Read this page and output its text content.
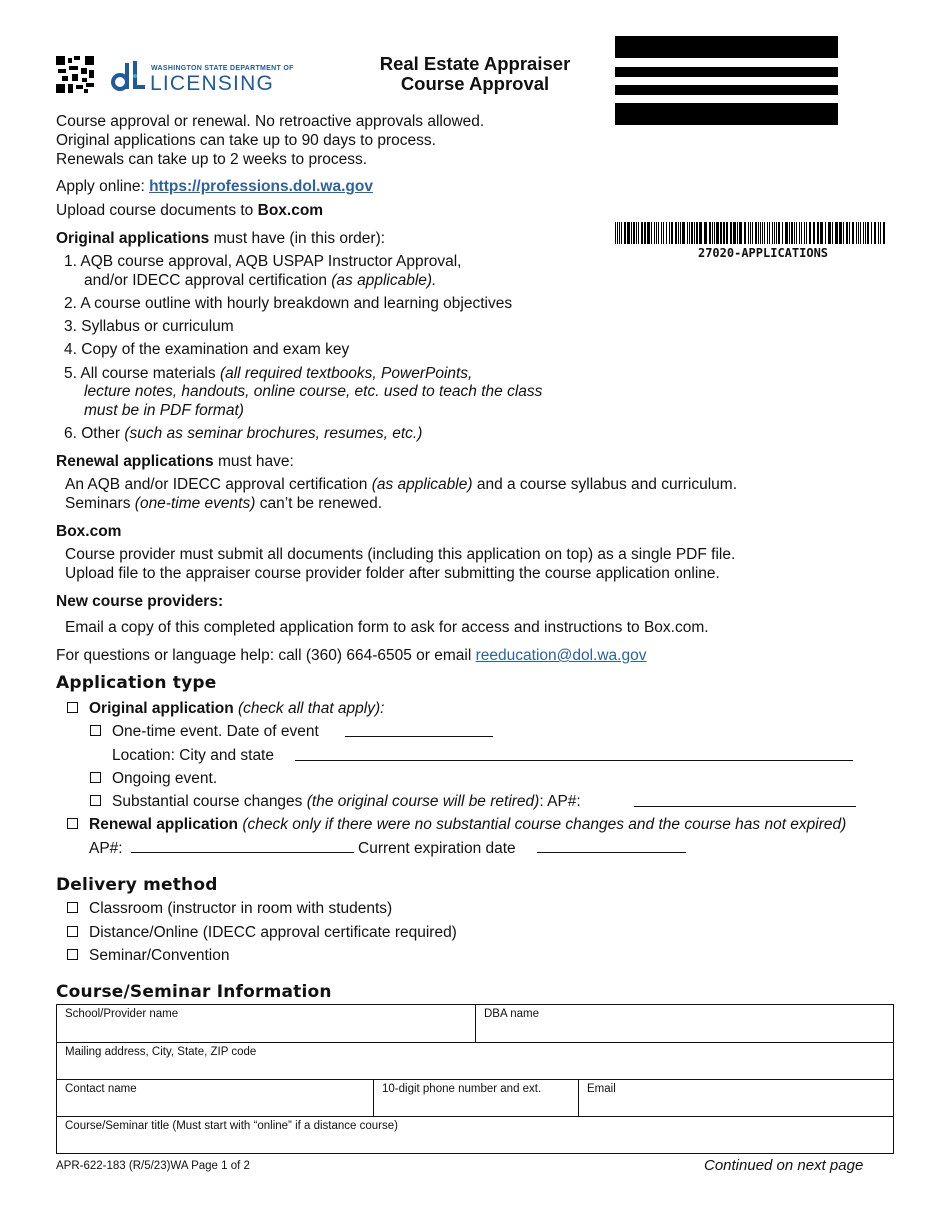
WASHINGTON STATE DEPARTMENT OF
LICENSING
Real Estate Appraiser
Course Approval
27020-APPLICATIONS
Course approval or renewal. No retroactive approvals allowed.
Original applications can take up to 90 days to process.
Renewals can take up to 2 weeks to process.
Apply online: https://professions.dol.wa.gov
Upload course documents to Box.com
Original applications must have (in this order):
1. AQB course approval, AQB USPAP Instructor Approval,
and/or IDECC approval certification (as applicable).
2. A course outline with hourly breakdown and learning objectives
3. Syllabus or curriculum
4. Copy of the examination and exam key
5. All course materials (all required textbooks, PowerPoints,
lecture notes, handouts, online course, etc. used to teach the class
must be in PDF format)
6. Other (such as seminar brochures, resumes, etc.)
Renewal applications must have:
An AQB and/or IDECC approval certification (as applicable) and a course syllabus and curriculum.
Seminars (one-time events) can’t be renewed.
Box.com
Course provider must submit all documents (including this application on top) as a single PDF file.
Upload file to the appraiser course provider folder after submitting the course application online.
New course providers:
Email a copy of this completed application form to ask for access and instructions to Box.com.
For questions or language help: call (360) 664-6505 or email reeducation@dol.wa.gov
Application type
Original application (check all that apply):
One-time event. Date of event
Location: City and state
Ongoing event.
Substantial course changes (the original course will be retired): AP#:
Renewal application (check only if there were no substantial course changes and the course has not expired)
AP#:	Current expiration date
Delivery method
Classroom (instructor in room with students)
Distance/Online (IDECC approval certificate required)
Seminar/Convention
Course/Seminar Information
School/Provider name	DBA name
Mailing address, City, State, ZIP code
Contact name	10-digit phone number and ext.	Email
Course/Seminar title (Must start with “online” if a distance course)
APR-622-183 (R/5/23)WA Page 1 of 2	Continued on next page
